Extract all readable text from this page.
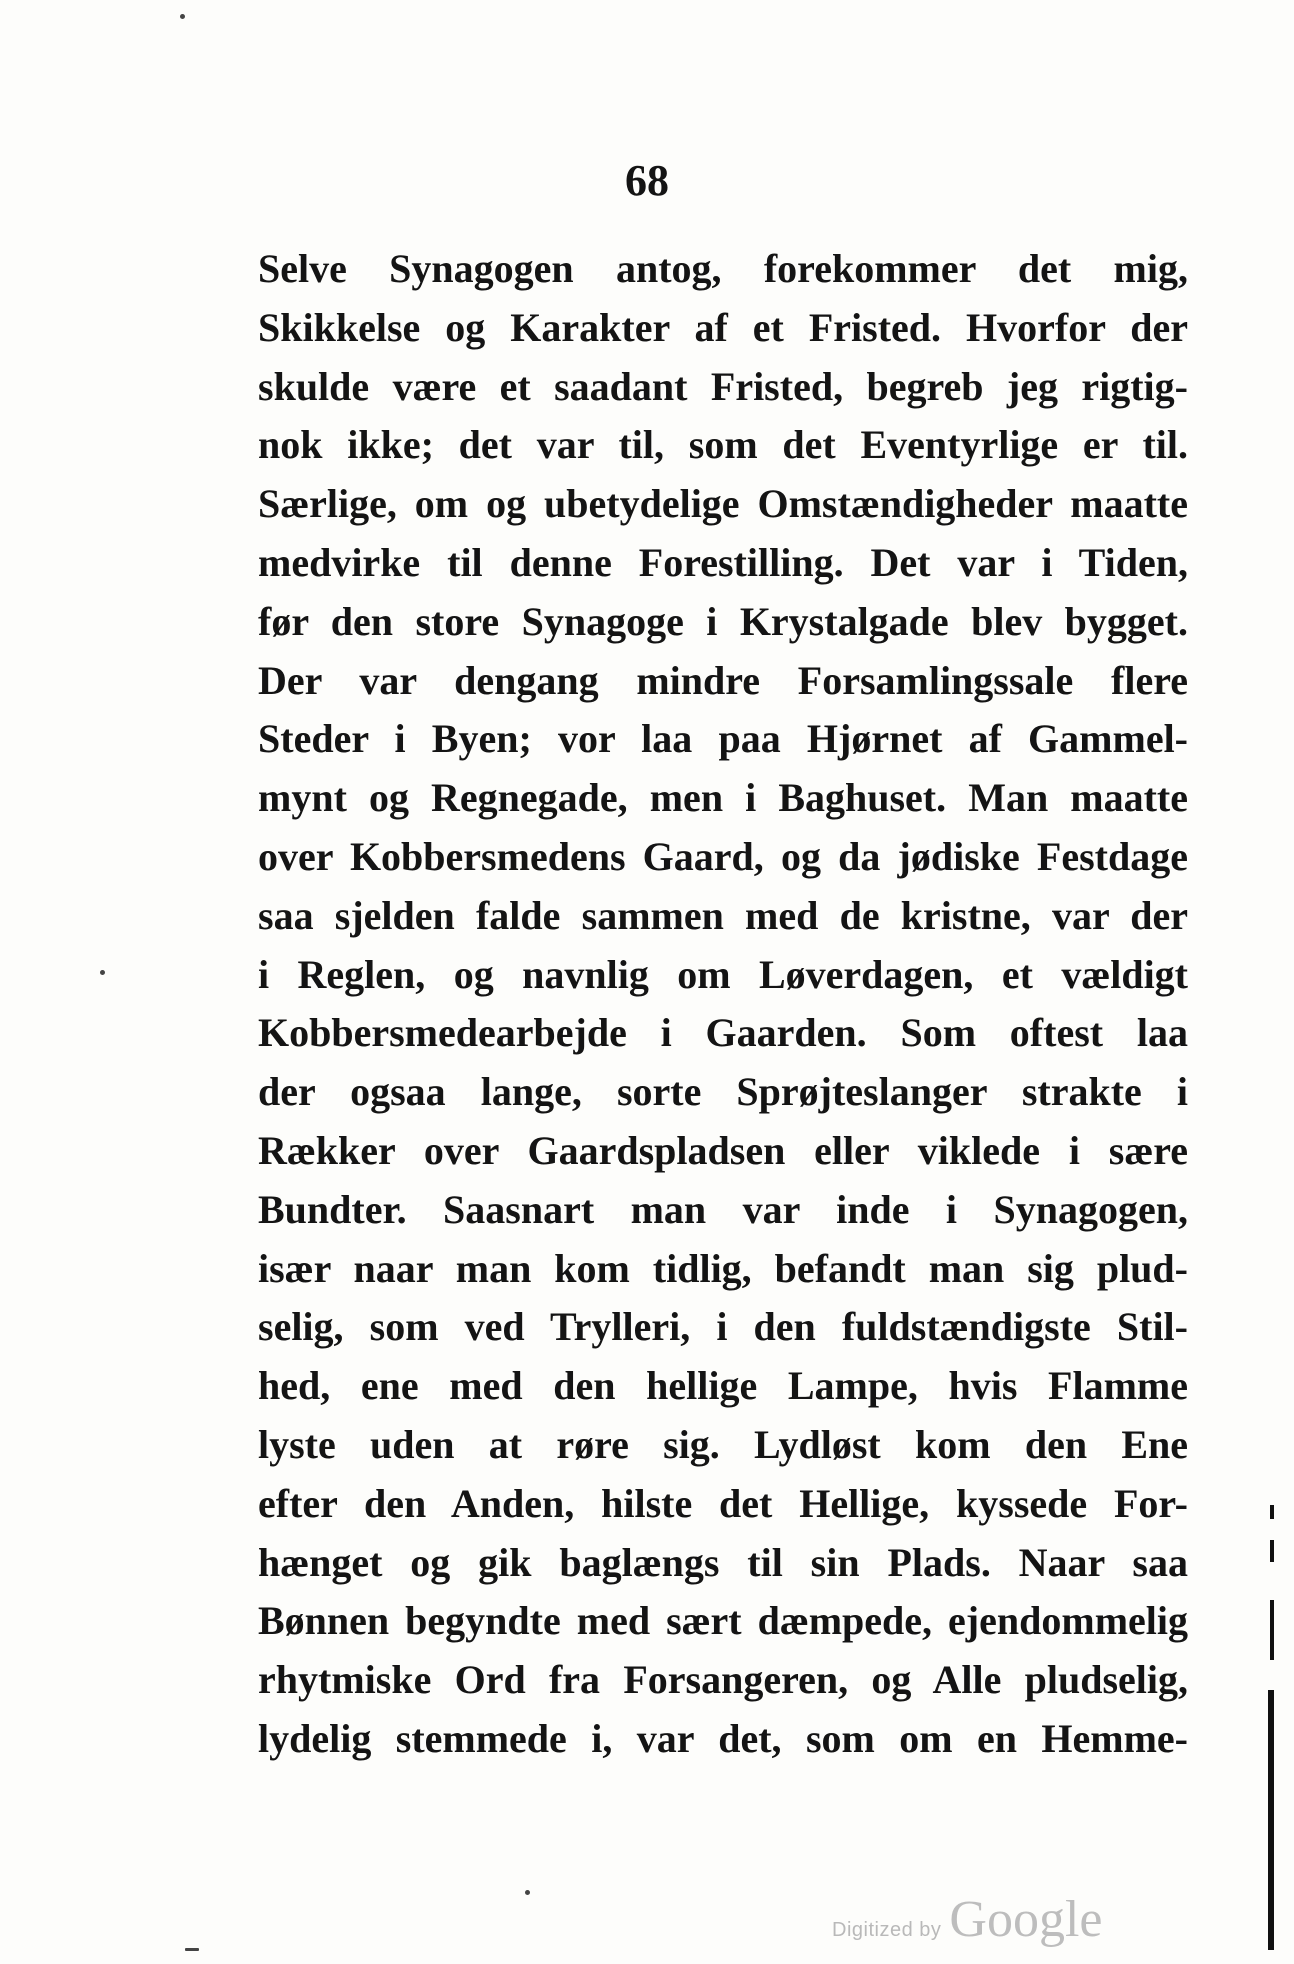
68

Selve Synagogen antog, forekommer det mig,
Skikkelse og Karakter af et Fristed. Hvorfor der
skulde være et saadant Fristed, begreb jeg rigtig-
nok ikke; det var til, som det Eventyrlige er til.
Særlige, om og ubetydelige Omstændigheder maatte
medvirke til denne Forestilling. Det var i Tiden,
før den store Synagoge i Krystalgade blev bygget.
Der var dengang mindre Forsamlingssale flere
Steder i Byen; vor laa paa Hjørnet af Gammel-
mynt og Regnegade, men i Baghuset. Man maatte
over Kobbersmedens Gaard, og da jødiske Festdage
saa sjelden falde sammen med de kristne, var der
i Reglen, og navnlig om Løverdagen, et vældigt
Kobbersmedearbejde i Gaarden. Som oftest laa
der ogsaa lange, sorte Sprøjteslanger strakte i
Rækker over Gaardspladsen eller viklede i sære
Bundter. Saasnart man var inde i Synagogen,
især naar man kom tidlig, befandt man sig plud-
selig, som ved Trylleri, i den fuldstændigste Stil-
hed, ene med den hellige Lampe, hvis Flamme
lyste uden at røre sig. Lydløst kom den Ene
efter den Anden, hilste det Hellige, kyssede For-
hænget og gik baglængs til sin Plads. Naar saa
Bønnen begyndte med sært dæmpede, ejendommelig
rhytmiske Ord fra Forsangeren, og Alle pludselig,
lydelig stemmede i, var det, som om en Hemme-
Digitized by Google
